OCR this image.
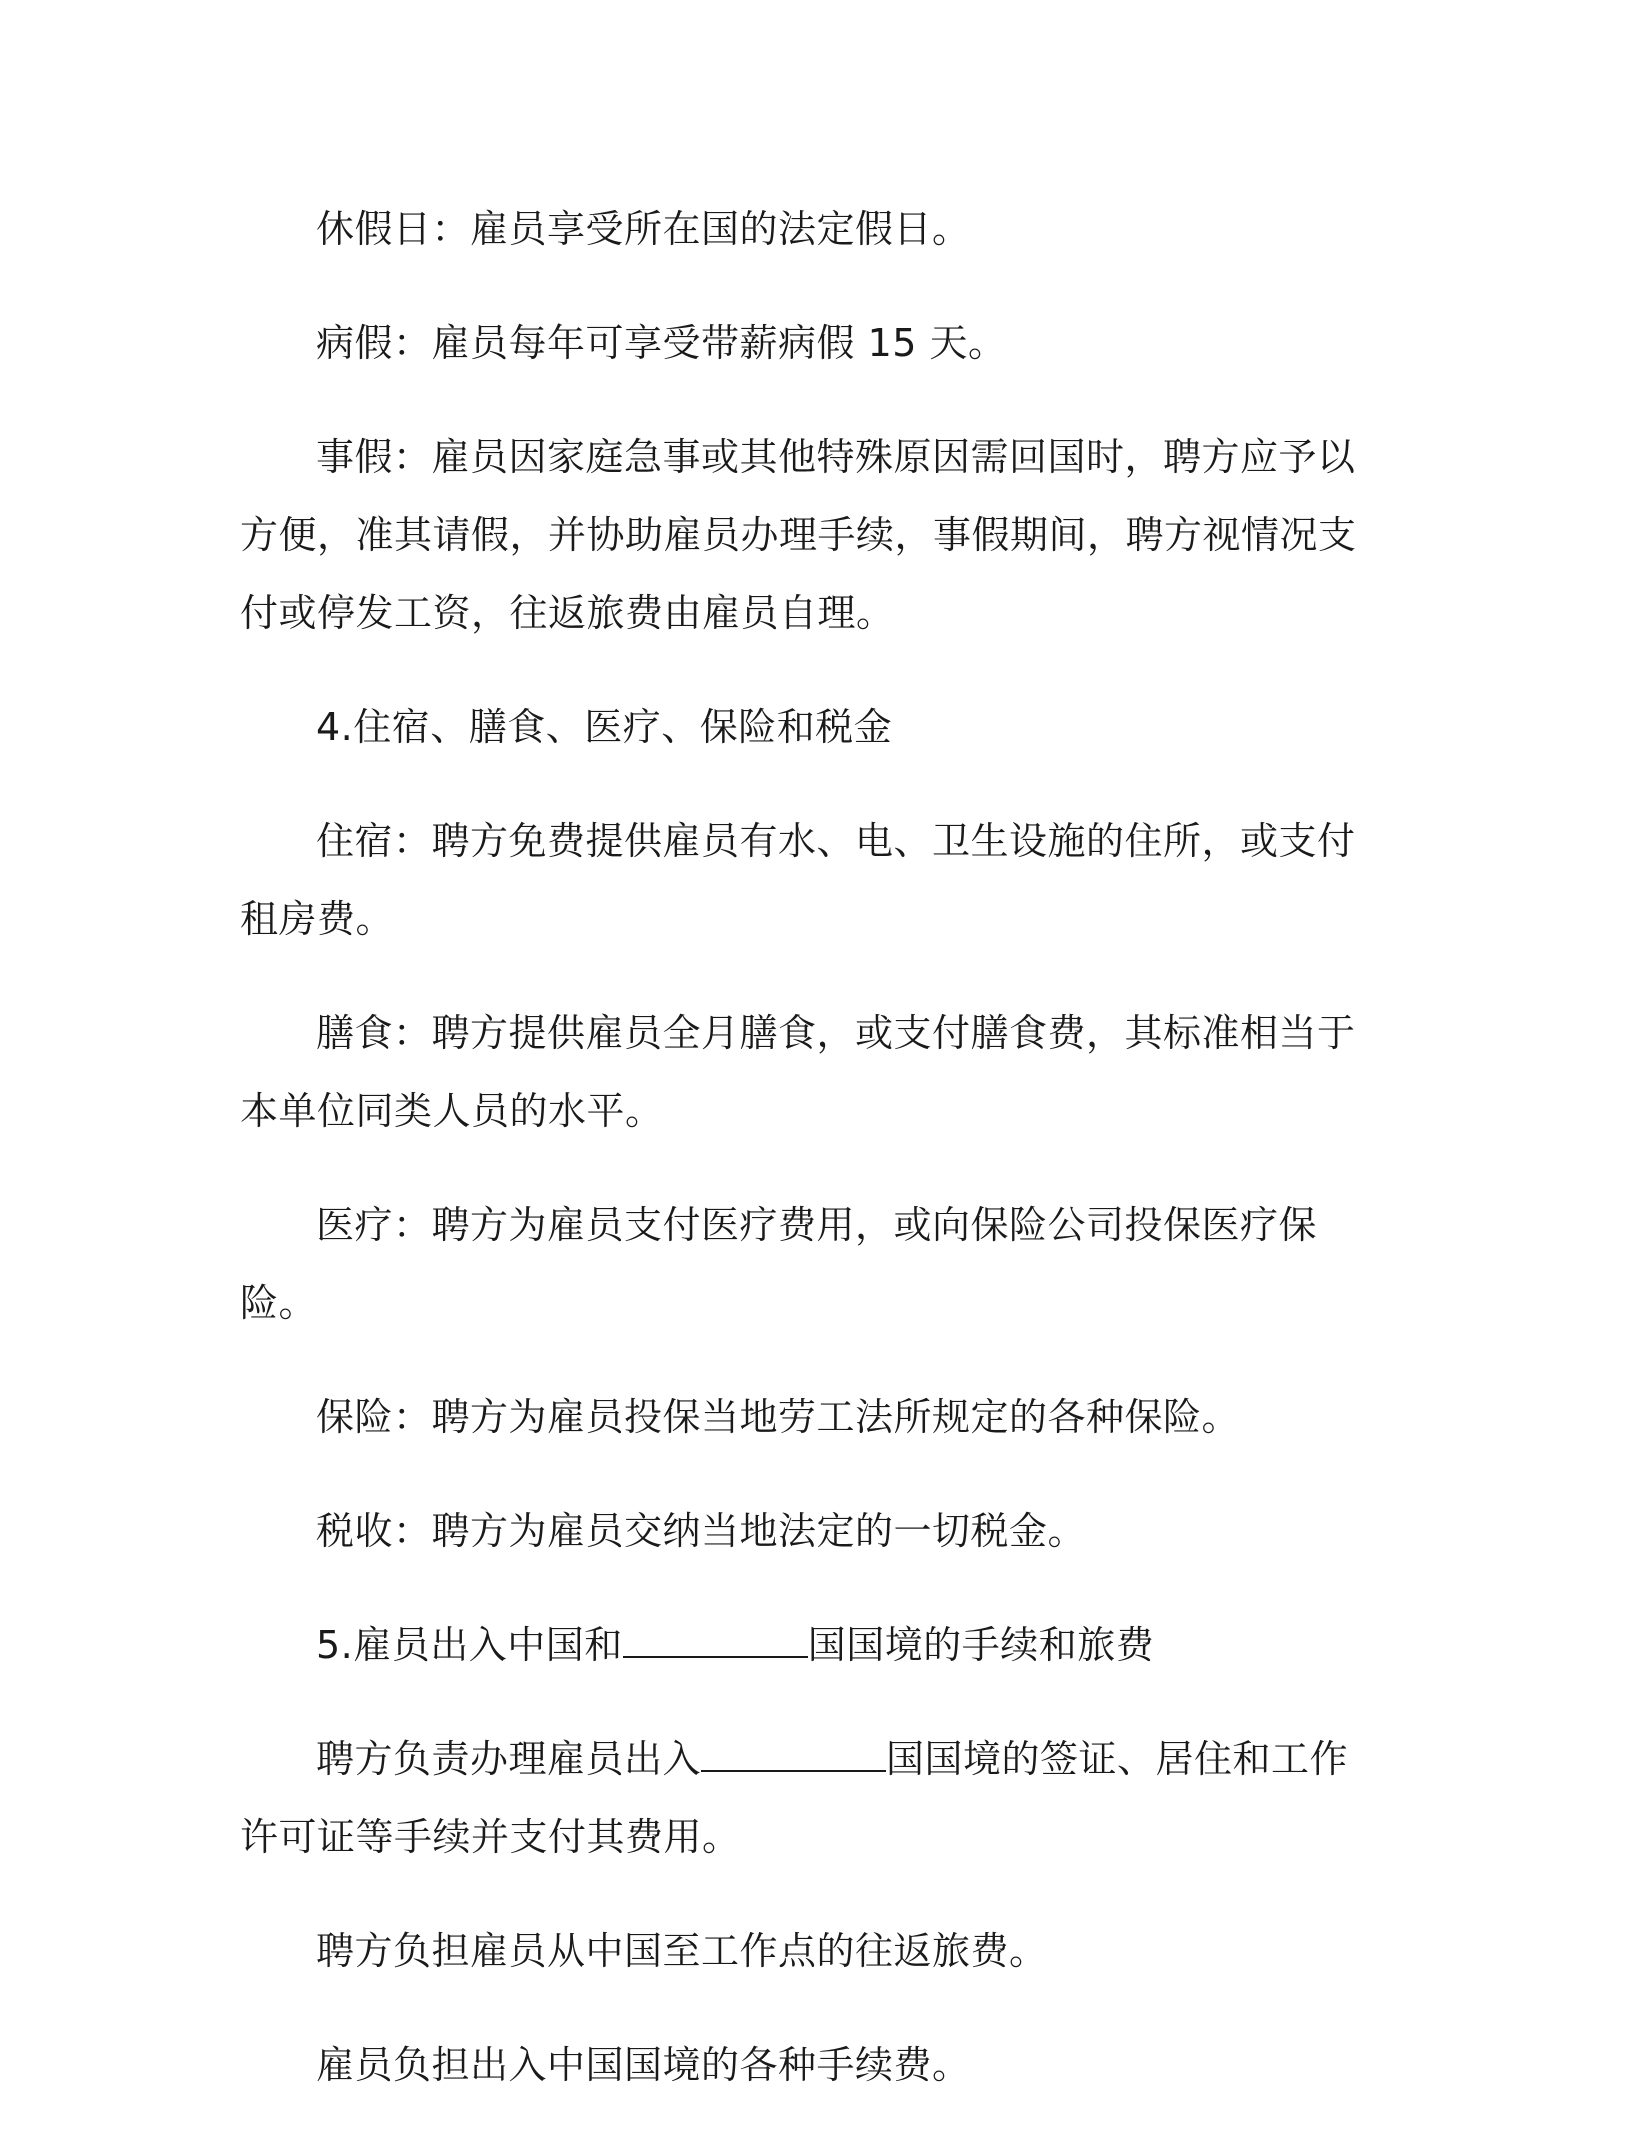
休假日：雇员享受所在国的法定假日。

病假：雇员每年可享受带薪病假 15 天。

事假：雇员因家庭急事或其他特殊原因需回国时，聘方应予以方便，准其请假，并协助雇员办理手续，事假期间，聘方视情况支付或停发工资，往返旅费由雇员自理。

4.住宿、膳食、医疗、保险和税金

住宿：聘方免费提供雇员有水、电、卫生设施的住所，或支付租房费。

膳食：聘方提供雇员全月膳食，或支付膳食费，其标准相当于本单位同类人员的水平。

医疗：聘方为雇员支付医疗费用，或向保险公司投保医疗保险。

保险：聘方为雇员投保当地劳工法所规定的各种保险。

税收：聘方为雇员交纳当地法定的一切税金。

5.雇员出入中国和	国国境的手续和旅费

聘方负责办理雇员出入	国国境的签证、居住和工作许可证等手续并支付其费用。

聘方负担雇员从中国至工作点的往返旅费。

雇员负担出入中国国境的各种手续费。
